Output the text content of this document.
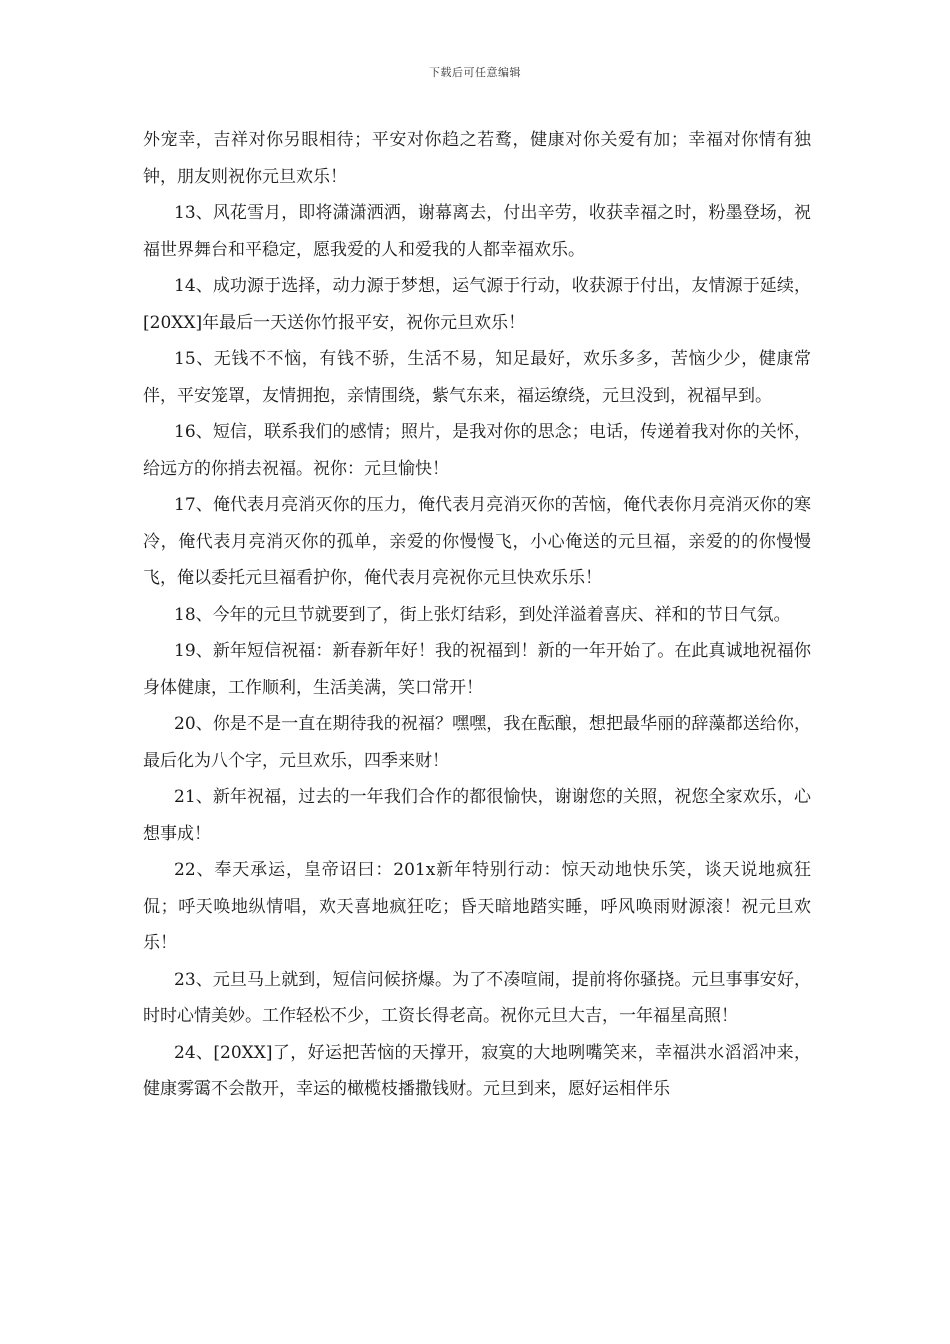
下载后可任意编辑

外宠幸，吉祥对你另眼相待；平安对你趋之若鹜，健康对你关爱有加；幸福对你情有独钟，朋友则祝你元旦欢乐！

13、风花雪月，即将潇潇洒洒，谢幕离去，付出辛劳，收获幸福之时，粉墨登场，祝福世界舞台和平稳定，愿我爱的人和爱我的人都幸福欢乐。

14、成功源于选择，动力源于梦想，运气源于行动，收获源于付出，友情源于延续，[20XX]年最后一天送你竹报平安，祝你元旦欢乐！

15、无钱不不恼，有钱不骄，生活不易，知足最好，欢乐多多，苦恼少少，健康常伴，平安笼罩，友情拥抱，亲情围绕，紫气东来，福运缭绕，元旦没到，祝福早到。

16、短信，联系我们的感情；照片，是我对你的思念；电话，传递着我对你的关怀，给远方的你捎去祝福。祝你：元旦愉快！

17、俺代表月亮消灭你的压力，俺代表月亮消灭你的苦恼，俺代表你月亮消灭你的寒冷，俺代表月亮消灭你的孤单，亲爱的你慢慢飞，小心俺送的元旦福，亲爱的的你慢慢飞，俺以委托元旦福看护你，俺代表月亮祝你元旦快欢乐乐！

18、今年的元旦节就要到了，街上张灯结彩，到处洋溢着喜庆、祥和的节日气氛。

19、新年短信祝福：新春新年好！我的祝福到！新的一年开始了。在此真诚地祝福你身体健康，工作顺利，生活美满，笑口常开！

20、你是不是一直在期待我的祝福？嘿嘿，我在酝酿，想把最华丽的辞藻都送给你，最后化为八个字，元旦欢乐，四季来财！

21、新年祝福，过去的一年我们合作的都很愉快，谢谢您的关照，祝您全家欢乐，心想事成！

22、奉天承运，皇帝诏曰：201x新年特别行动：惊天动地快乐笑，谈天说地疯狂侃；呼天唤地纵情唱，欢天喜地疯狂吃；昏天暗地踏实睡，呼风唤雨财源滚！祝元旦欢乐！

23、元旦马上就到，短信问候挤爆。为了不凑喧闹，提前将你骚挠。元旦事事安好，时时心情美妙。工作轻松不少，工资长得老高。祝你元旦大吉，一年福星高照！

24、[20XX]了，好运把苦恼的天撑开，寂寞的大地咧嘴笑来，幸福洪水滔滔冲来，健康雾霭不会散开，幸运的橄榄枝播撒钱财。元旦到来，愿好运相伴乐
